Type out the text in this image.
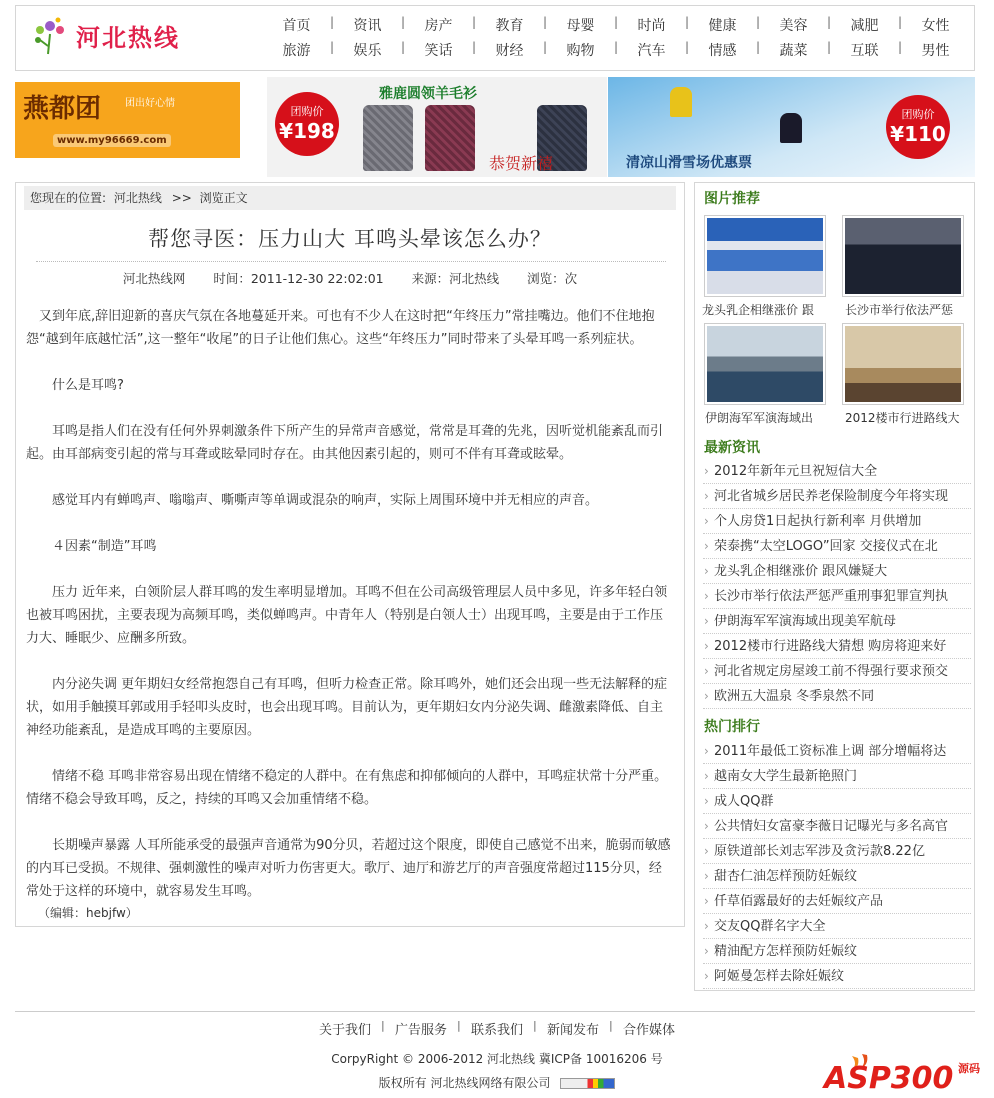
河北热线	首页	| 资讯	| 房产	| 教育	| 母婴	| 时尚	| 健康	| 美容	| 减肥	| 女性
旅游	| 娱乐	| 笑话	| 财经	| 购物	| 汽车	| 情感	| 蔬菜	| 互联	| 男性
燕都团 团出好心情
www.my96669.com
团购价
¥198
雅鹿圆领羊毛衫
恭贺新禧
团购价
¥110
清凉山滑雪场优惠票
您现在的位置: 河北热线 >> 浏览正文
帮您寻医：压力山大 耳鸣头晕该怎么办？
河北热线网 时间：2011-12-30 22:02:01 来源：河北热线 浏览：次

又到年底,辞旧迎新的喜庆气氛在各地蔓延开来。可也有不少人在这时把“年终压力”常挂嘴边。他们不住地抱怨“越到年底越忙活”,这一整年“收尾”的日子让他们焦心。这些“年终压力”同时带来了头晕耳鸣一系列症状。

什么是耳鸣?

耳鸣是指人们在没有任何外界刺激条件下所产生的异常声音感觉，常常是耳聋的先兆，因听觉机能紊乱而引起。由耳部病变引起的常与耳聋或眩晕同时存在。由其他因素引起的，则可不伴有耳聋或眩晕。

感觉耳内有蝉鸣声、嗡嗡声、嘶嘶声等单调或混杂的响声，实际上周围环境中并无相应的声音。

４因素“制造”耳鸣

压力 近年来，白领阶层人群耳鸣的发生率明显增加。耳鸣不但在公司高级管理层人员中多见，许多年轻白领也被耳鸣困扰，主要表现为高频耳鸣，类似蝉鸣声。中青年人（特别是白领人士）出现耳鸣，主要是由于工作压力大、睡眠少、应酬多所致。

内分泌失调 更年期妇女经常抱怨自己有耳鸣，但听力检查正常。除耳鸣外，她们还会出现一些无法解释的症状，如用手触摸耳郭或用手轻叩头皮时，也会出现耳鸣。目前认为，更年期妇女内分泌失调、雌激素降低、自主神经功能紊乱，是造成耳鸣的主要原因。

情绪不稳 耳鸣非常容易出现在情绪不稳定的人群中。在有焦虑和抑郁倾向的人群中，耳鸣症状常十分严重。情绪不稳会导致耳鸣，反之，持续的耳鸣又会加重情绪不稳。

长期噪声暴露 人耳所能承受的最强声音通常为90分贝，若超过这个限度，即使自己感觉不出来，脆弱而敏感的内耳已受损。不规律、强刺激性的噪声对听力伤害更大。歌厅、迪厅和游艺厅的声音强度常超过115分贝，经常处于这样的环境中，就容易发生耳鸣。

（编辑：hebjfw）
图片推荐
龙头乳企相继涨价 跟	长沙市举行依法严惩
伊朗海军军演海域出	2012楼市行进路线大
最新资讯
› 2012年新年元旦祝短信大全
› 河北省城乡居民养老保险制度今年将实现
› 个人房贷1日起执行新利率 月供增加
› 荣泰携“太空LOGO”回家 交接仪式在北
› 龙头乳企相继涨价 跟风嫌疑大
› 长沙市举行依法严惩严重刑事犯罪宣判执
› 伊朗海军军演海域出现美军航母
› 2012楼市行进路线大猜想 购房将迎来好
› 河北省规定房屋竣工前不得强行要求预交
› 欧洲五大温泉 冬季泉然不同
热门排行
› 2011年最低工资标准上调 部分增幅将达
› 越南女大学生最新艳照门
› 成人QQ群
› 公共情妇女富豪李薇日记曝光与多名高官
› 原铁道部长刘志军涉及贪污款8.22亿
› 甜杏仁油怎样预防妊娠纹
› 仟草佰露最好的去妊娠纹产品
› 交友QQ群名字大全
› 精油配方怎样预防妊娠纹
› 阿姬曼怎样去除妊娠纹
关于我们	| 广告服务	| 联系我们	| 新闻发布	| 合作媒体
CorpyRight © 2006-2012 河北热线 冀ICP备 10016206 号
版权所有 河北热线网络有限公司	ASP300 源码
